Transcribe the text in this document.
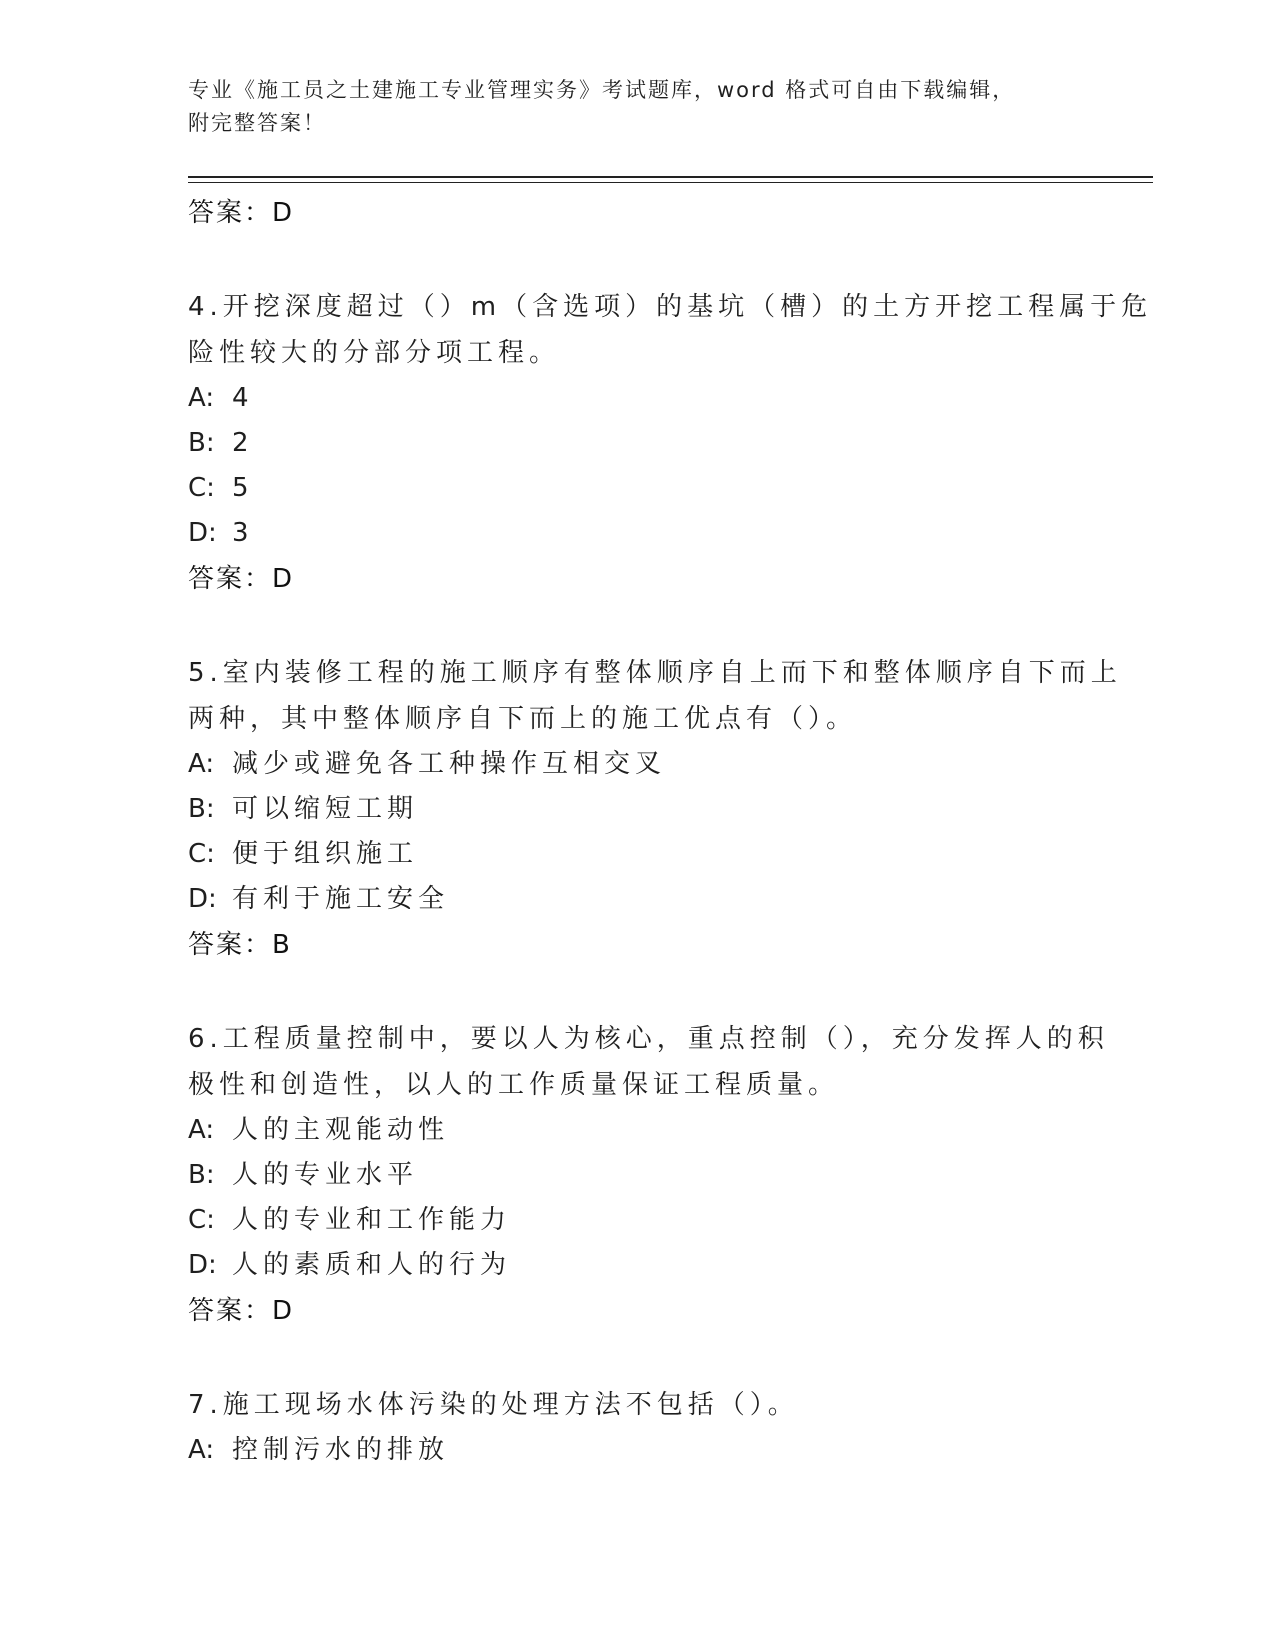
专业《施工员之土建施工专业管理实务》考试题库，word 格式可自由下载编辑，
附完整答案！
答案：D
4.开挖深度超过（）m（含选项）的基坑（槽）的土方开挖工程属于危
险性较大的分部分项工程。
A: 4
B: 2
C: 5
D: 3
答案：D
5.室内装修工程的施工顺序有整体顺序自上而下和整体顺序自下而上
两种，其中整体顺序自下而上的施工优点有（）。
A: 减少或避免各工种操作互相交叉
B: 可以缩短工期
C: 便于组织施工
D: 有利于施工安全
答案：B
6.工程质量控制中，要以人为核心，重点控制（），充分发挥人的积
极性和创造性，以人的工作质量保证工程质量。
A: 人的主观能动性
B: 人的专业水平
C: 人的专业和工作能力
D: 人的素质和人的行为
答案：D
7.施工现场水体污染的处理方法不包括（）。
A: 控制污水的排放
